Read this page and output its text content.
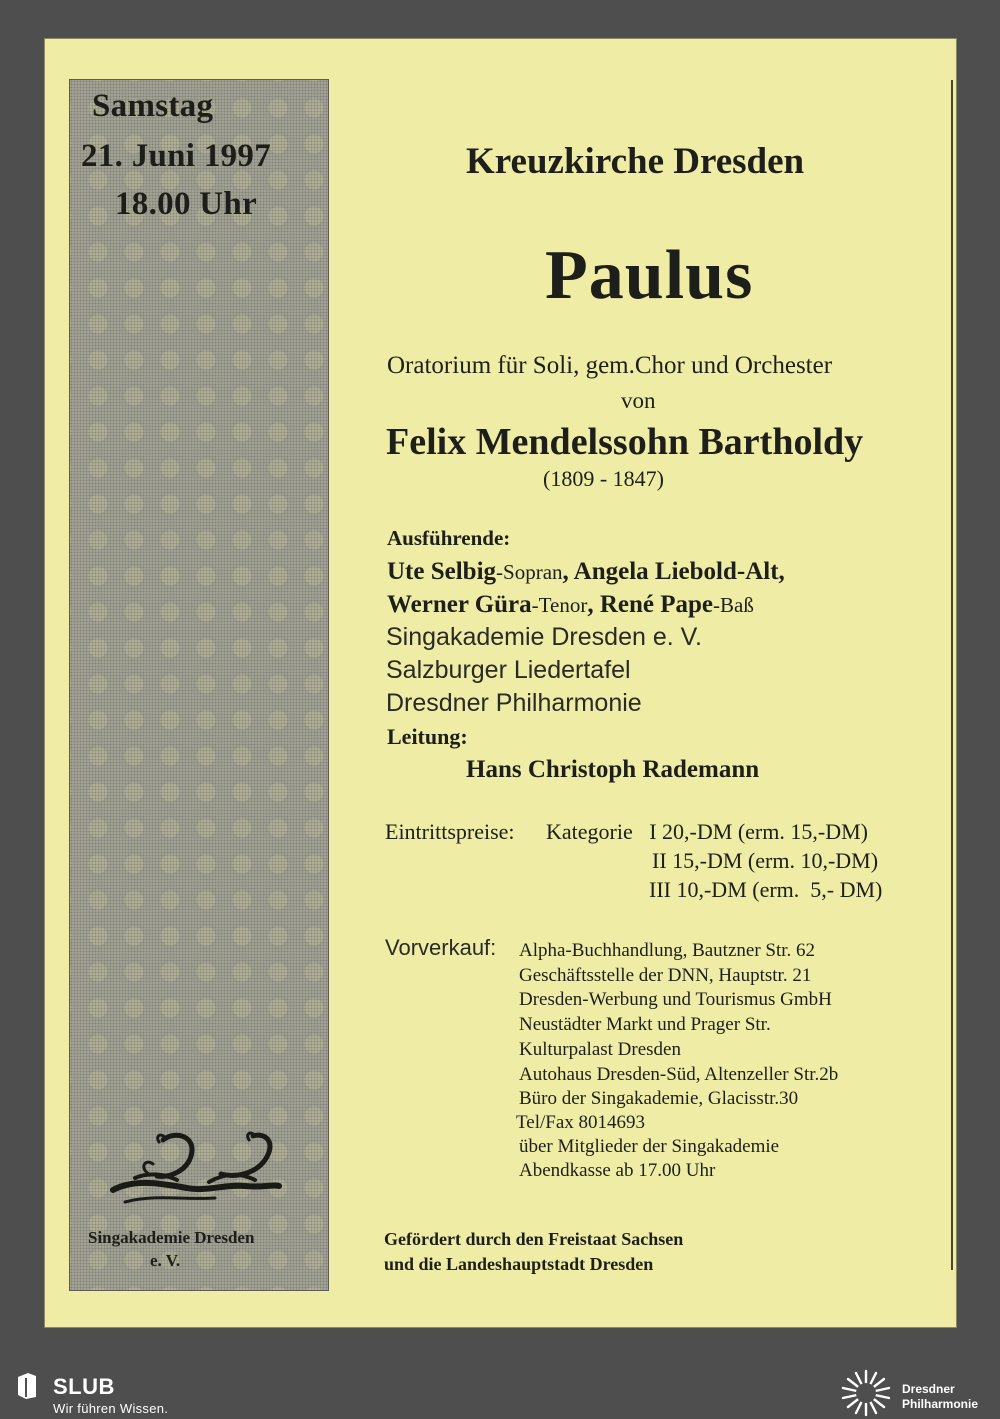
Samstag
21. Juni 1997
18.00 Uhr
Singakademie Dresden
e. V.
Kreuzkirche Dresden
Paulus
Oratorium für Soli, gem.Chor und Orchester
von
Felix Mendelssohn Bartholdy
(1809 - 1847)
Ausführende:
Ute Selbig-Sopran, Angela Liebold-Alt,
Werner Güra-Tenor, René Pape-Baß
Singakademie Dresden e. V.
Salzburger Liedertafel
Dresdner Philharmonie
Leitung:
Hans Christoph Rademann
Eintrittspreise: Kategorie   I 20,-DM (erm. 15,-DM)
II 15,-DM (erm. 10,-DM)
III 10,-DM (erm.  5,- DM)
Vorverkauf: Alpha-Buchhandlung, Bautzner Str. 62
Geschäftsstelle der DNN, Hauptstr. 21
Dresden-Werbung und Tourismus GmbH
Neustädter Markt und Prager Str.
Kulturpalast Dresden
Autohaus Dresden-Süd, Altenzeller Str.2b
Büro der Singakademie, Glacisstr.30
Tel/Fax 8014693
über Mitglieder der Singakademie
Abendkasse ab 17.00 Uhr
Gefördert durch den Freistaat Sachsen
und die Landeshauptstadt Dresden
SLUB
Wir führen Wissen.
Dresdner
Philharmonie
